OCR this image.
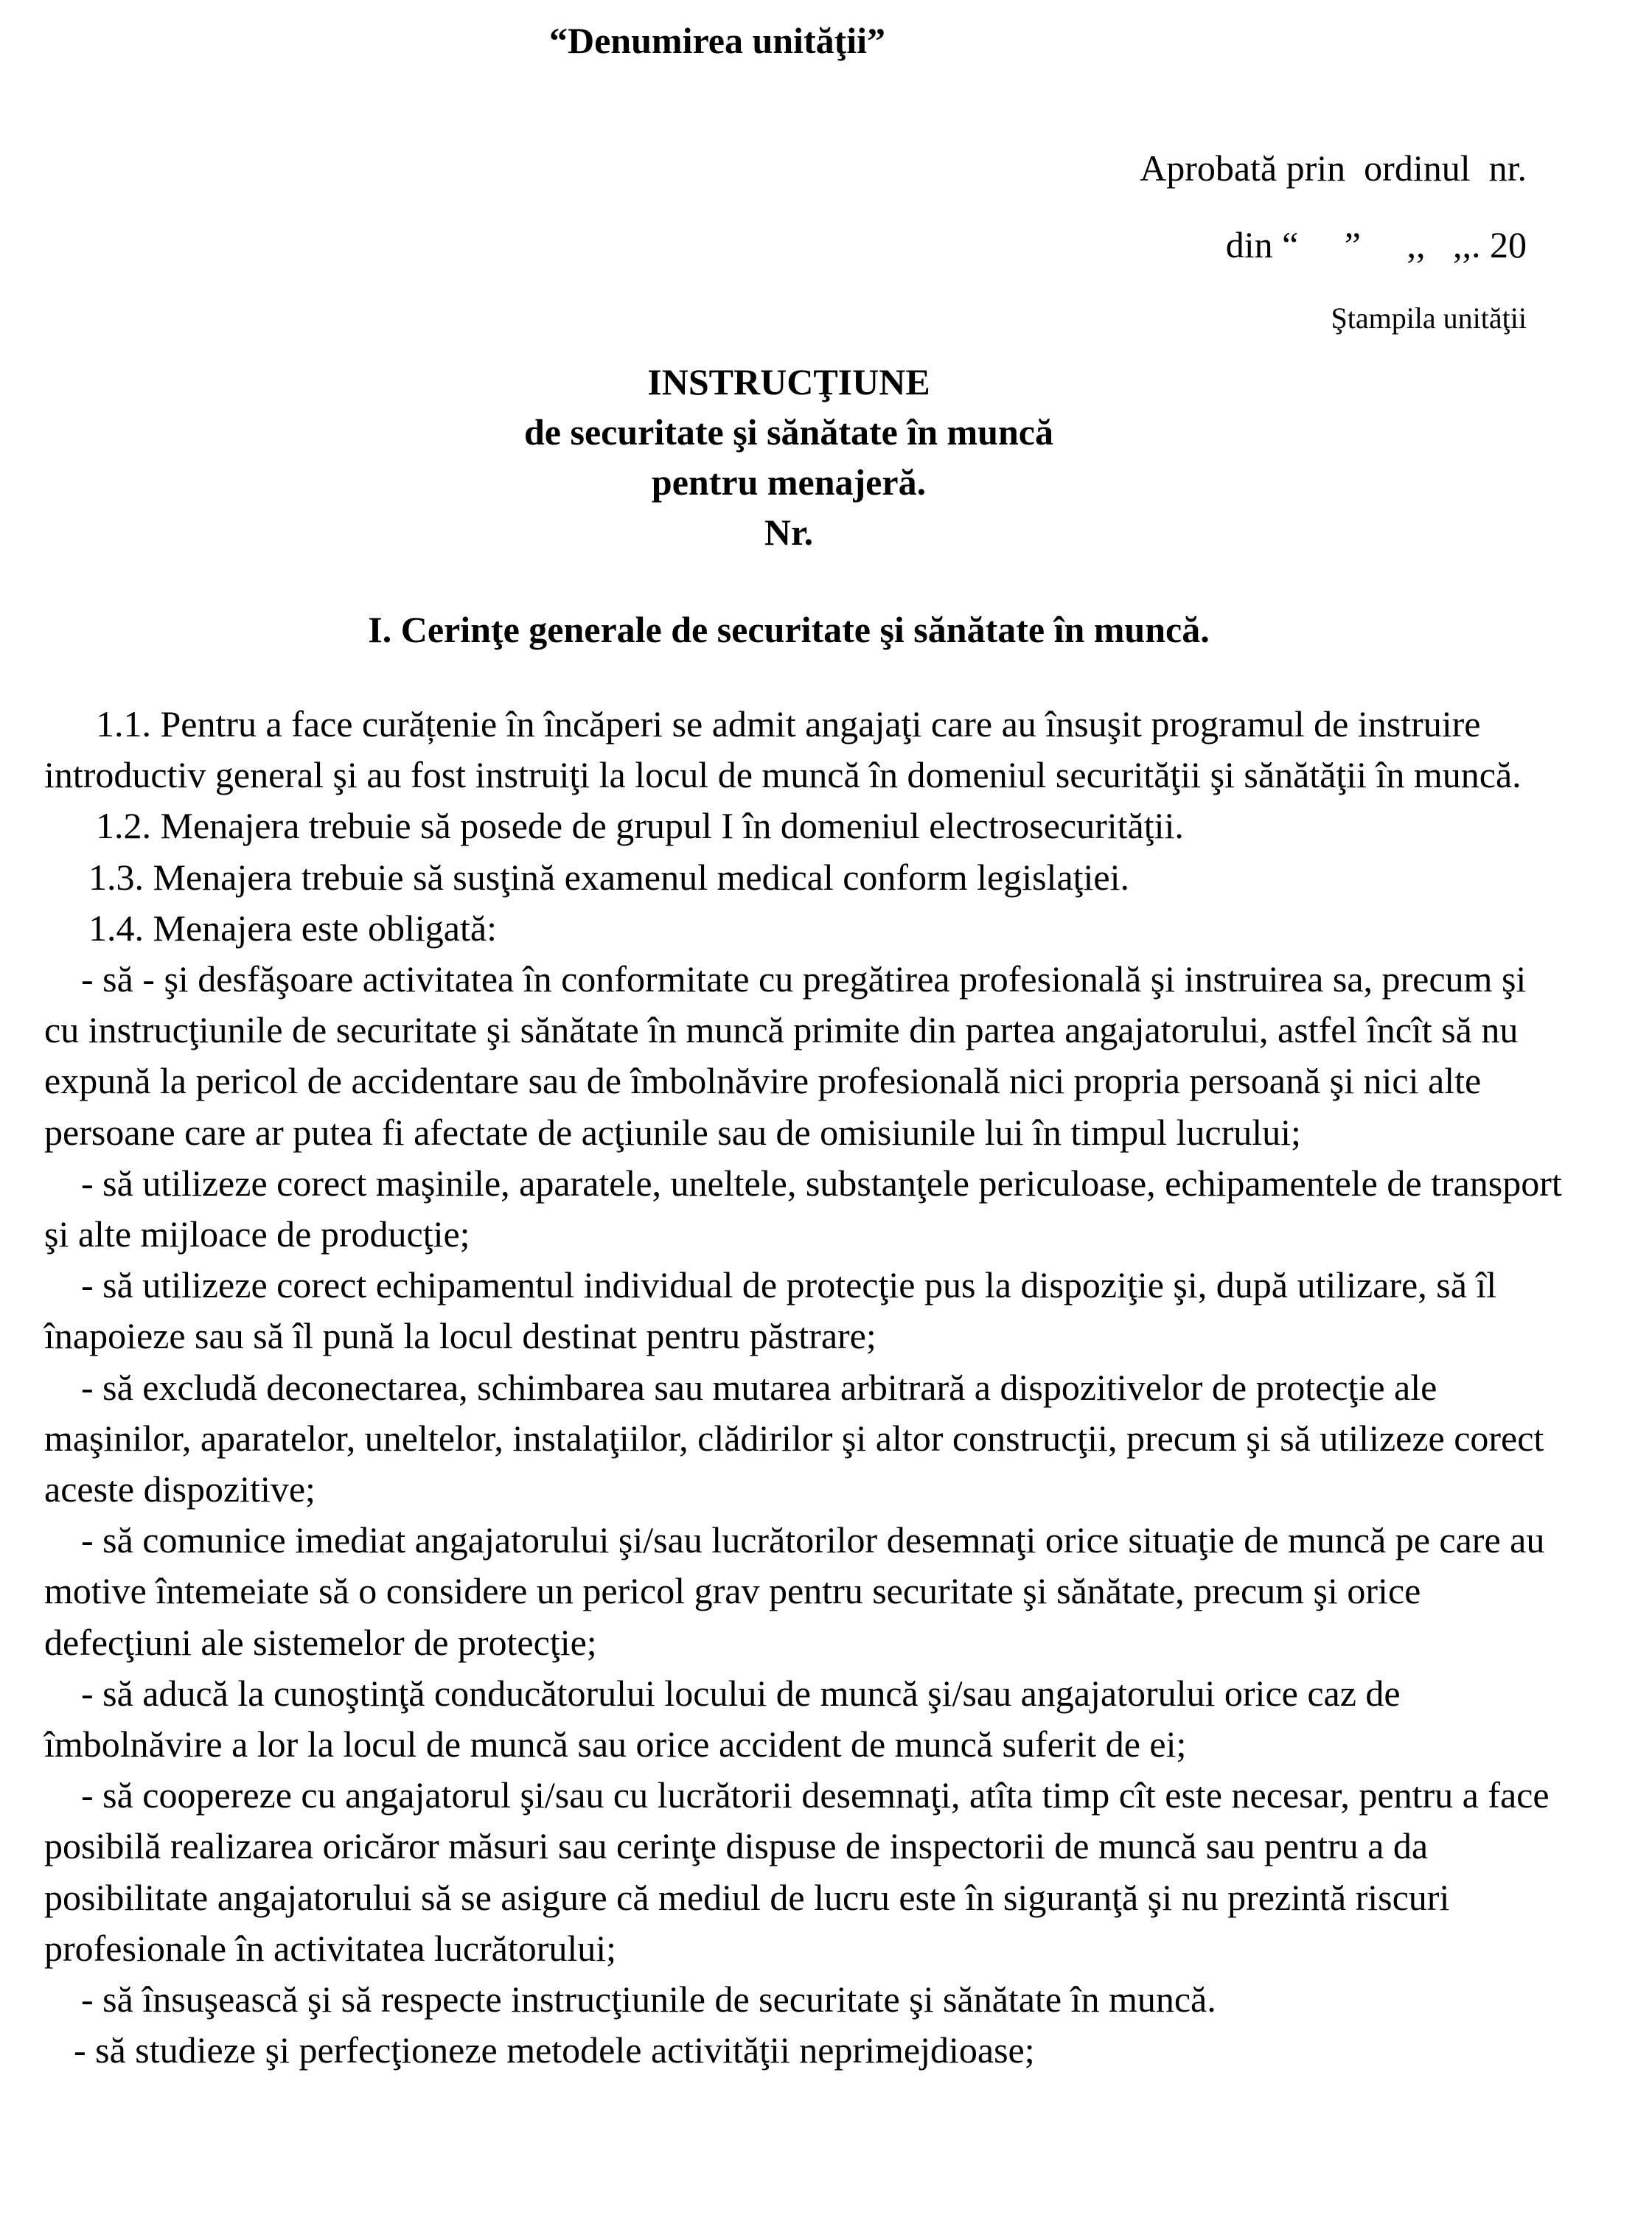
“Denumirea unităţii”

Aprobată prin  ordinul  nr.

din “     ”     ,,   ,,. 20

Ştampila unităţii

INSTRUCŢIUNE
de securitate şi sănătate în muncă
pentru menajeră.
Nr.
I. Cerinţe generale de securitate şi sănătate în muncă.

1.1. Pentru a face curățenie în încăperi se admit angajaţi care au însuşit programul de instruire introductiv general şi au fost instruiţi la locul de muncă în domeniul securităţii şi sănătăţii în muncă.

1.2. Menajera trebuie să posede de grupul I în domeniul electrosecurităţii.

1.3. Menajera trebuie să susţină examenul medical conform legislaţiei.

1.4. Menajera este obligată:

- să - şi desfăşoare activitatea în conformitate cu pregătirea profesională şi instruirea sa, precum şi cu instrucţiunile de securitate şi sănătate în muncă primite din partea angajatorului, astfel încît să nu expună la pericol de accidentare sau de îmbolnăvire profesională nici propria persoană şi nici alte persoane care ar putea fi afectate de acţiunile sau de omisiunile lui în timpul lucrului;

- să utilizeze corect maşinile, aparatele, uneltele, substanţele periculoase, echipamentele de transport şi alte mijloace de producţie;

- să utilizeze corect echipamentul individual de protecţie pus la dispoziţie şi, după utilizare, să îl înapoieze sau să îl pună la locul destinat pentru păstrare;

- să excludă deconectarea, schimbarea sau mutarea arbitrară a dispozitivelor de protecţie ale maşinilor, aparatelor, uneltelor, instalaţiilor, clădirilor şi altor construcţii, precum şi să utilizeze corect aceste dispozitive;

- să comunice imediat angajatorului şi/sau lucrătorilor desemnaţi orice situaţie de muncă pe care au motive întemeiate să o considere un pericol grav pentru securitate şi sănătate, precum şi orice defecţiuni ale sistemelor de protecţie;

- să aducă la cunoştinţă conducătorului locului de muncă şi/sau angajatorului orice caz de îmbolnăvire a lor la locul de muncă sau orice accident de muncă suferit de ei;

- să coopereze cu angajatorul şi/sau cu lucrătorii desemnaţi, atîta timp cît este necesar, pentru a face posibilă realizarea oricăror măsuri sau cerinţe dispuse de inspectorii de muncă sau pentru a da posibilitate angajatorului să se asigure că mediul de lucru este în siguranţă şi nu prezintă riscuri profesionale în activitatea lucrătorului;

- să însuşească şi să respecte instrucţiunile de securitate şi sănătate în muncă.

- să studieze şi perfecţioneze metodele activităţii neprimejdioase;
